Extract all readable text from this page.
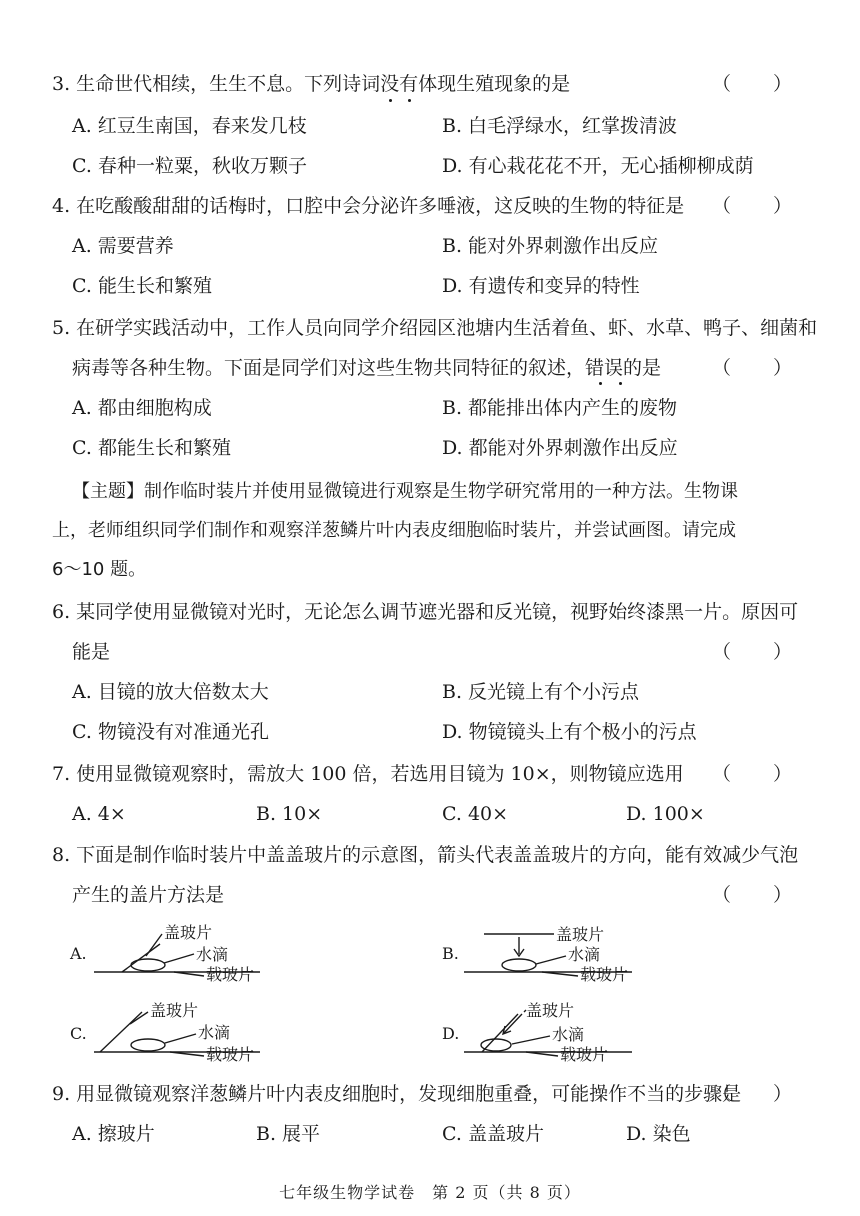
3. 生命世代相续，生生不息。下列诗词没有体现生殖现象的是	（ ）
A. 红豆生南国，春来发几枝	B. 白毛浮绿水，红掌拨清波
C. 春种一粒粟，秋收万颗子	D. 有心栽花花不开，无心插柳柳成荫
4. 在吃酸酸甜甜的话梅时，口腔中会分泌许多唾液，这反映的生物的特征是 （ ）
A. 需要营养	B. 能对外界刺激作出反应
C. 能生长和繁殖	D. 有遗传和变异的特性
5. 在研学实践活动中，工作人员向同学介绍园区池塘内生活着鱼、虾、水草、鸭子、细菌和
病毒等各种生物。下面是同学们对这些生物共同特征的叙述，错误的是	（ ）
A. 都由细胞构成	B. 都能排出体内产生的废物
C. 都能生长和繁殖	D. 都能对外界刺激作出反应
【主题】制作临时装片并使用显微镜进行观察是生物学研究常用的一种方法。生物课
上，老师组织同学们制作和观察洋葱鳞片叶内表皮细胞临时装片，并尝试画图。请完成
6～10 题。
6. 某同学使用显微镜对光时，无论怎么调节遮光器和反光镜，视野始终漆黑一片。原因可
能是	（ ）
A. 目镜的放大倍数太大	B. 反光镜上有个小污点
C. 物镜没有对准通光孔	D. 物镜镜头上有个极小的污点
7. 使用显微镜观察时，需放大 100 倍，若选用目镜为 10×，则物镜应选用 （ ）
A. 4×	B. 10×	C. 40×	D. 100×
8. 下面是制作临时装片中盖盖玻片的示意图，箭头代表盖盖玻片的方向，能有效减少气泡
产生的盖片方法是	（ ）
A.
盖玻片
水滴
载玻片
B.
盖玻片
水滴
载玻片
C.
盖玻片
水滴
载玻片
D.
盖玻片
水滴
载玻片
9. 用显微镜观察洋葱鳞片叶内表皮细胞时，发现细胞重叠，可能操作不当的步骤是
（ ）
A. 擦玻片	B. 展平	C. 盖盖玻片	D. 染色
七年级生物学试卷　第 2 页（共 8 页）
